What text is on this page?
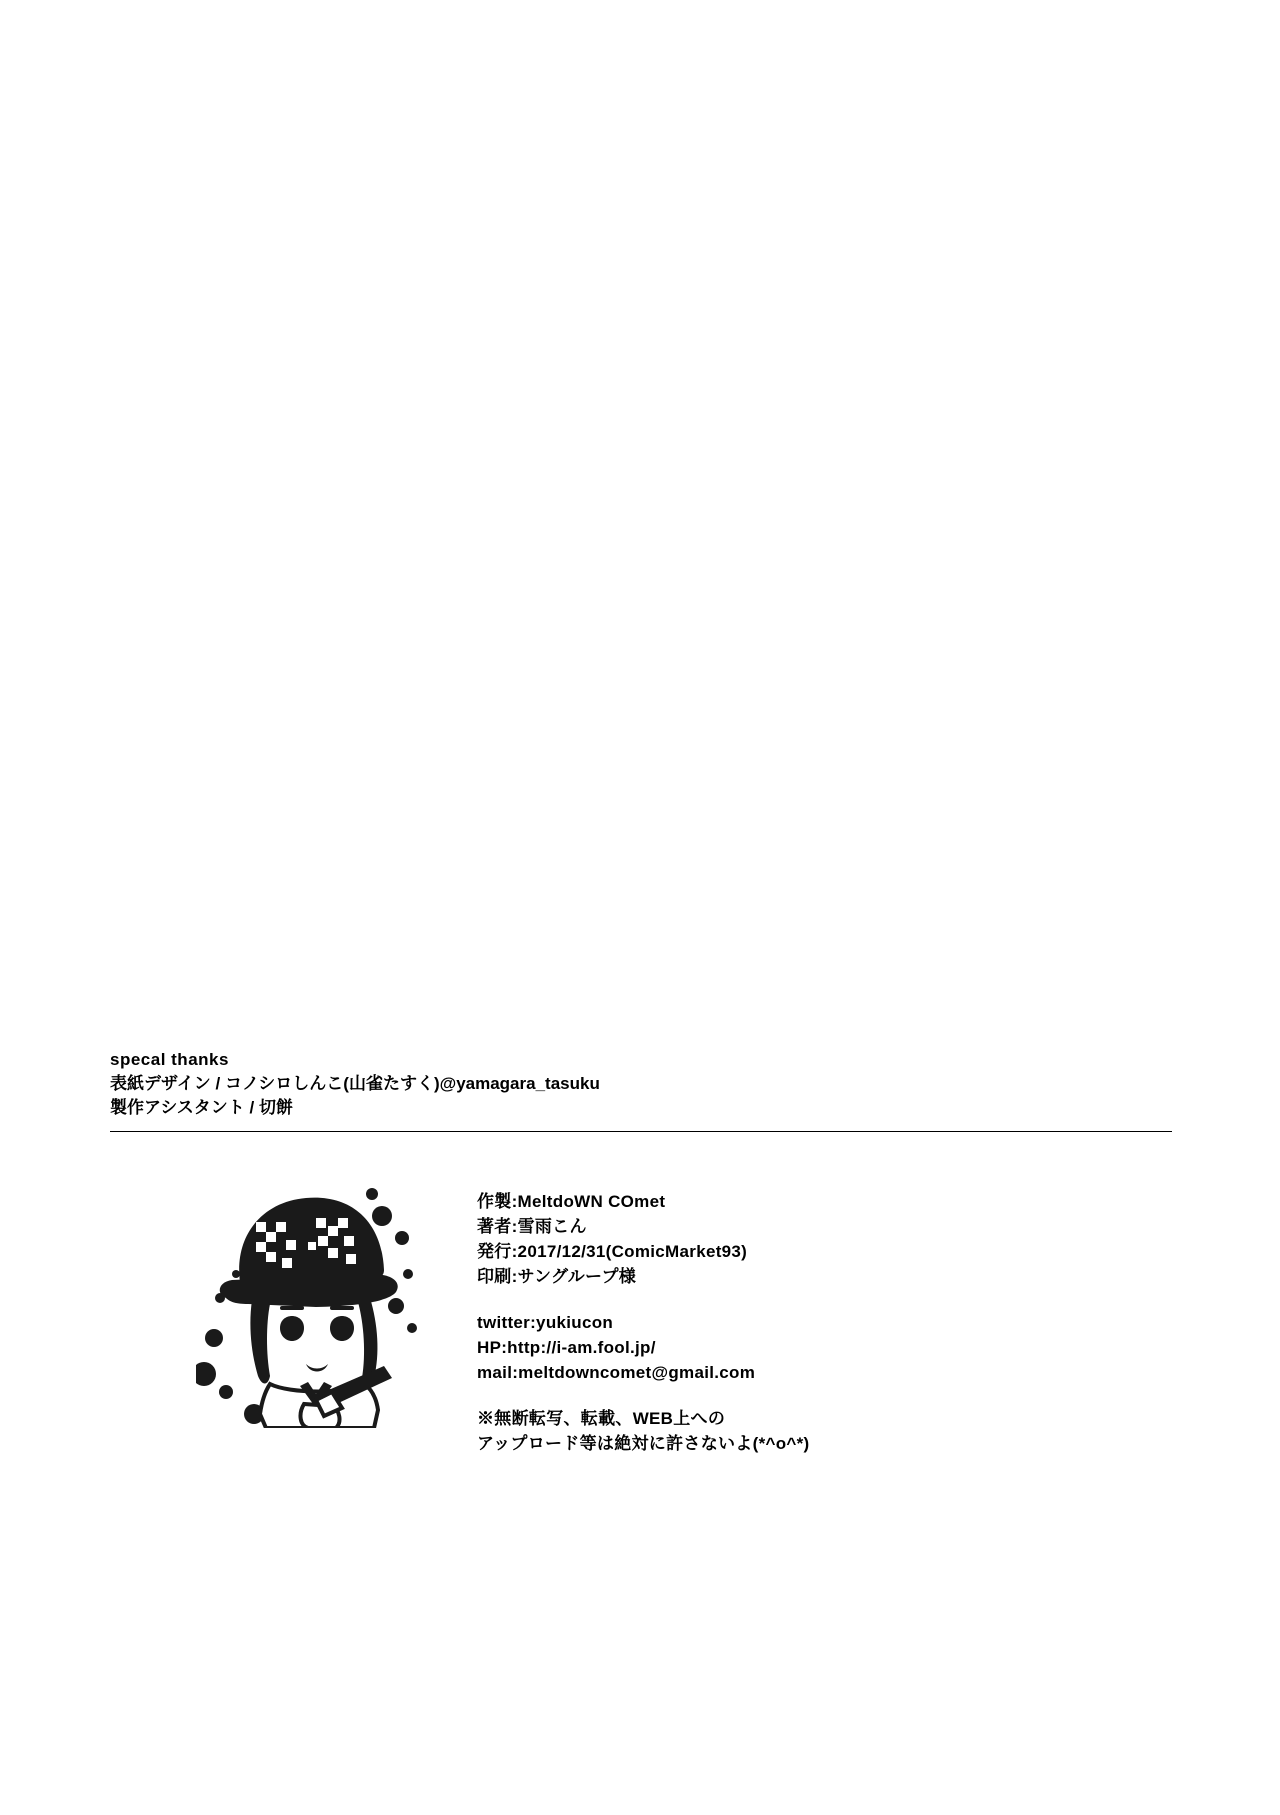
specal thanks
表紙デザイン / コノシロしんこ(山雀たすく)@yamagara_tasuku
製作アシスタント / 切餅
作製:MeltdoWN COmet
著者:雪雨こん
発行:2017/12/31(ComicMarket93)
印刷:サングループ様
twitter:yukiucon
HP:http://i-am.fool.jp/
mail:meltdowncomet@gmail.com
※無断転写、転載、WEB上への
アップロード等は絶対に許さないよ(*^o^*)
